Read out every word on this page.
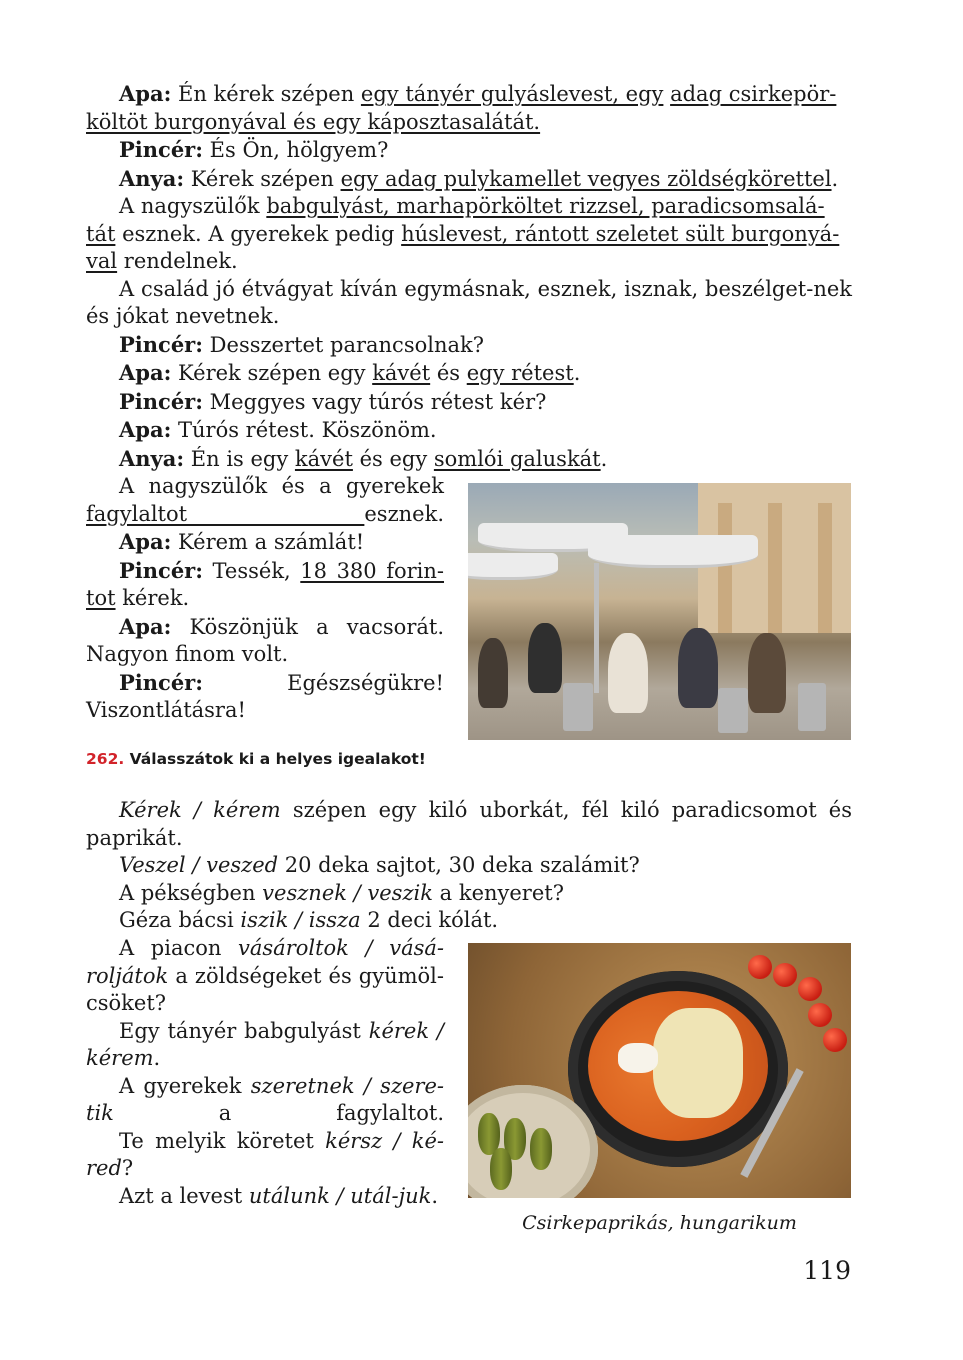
Apa: Én kérek szépen egy tányér gulyáslevest, egy adag csirkepör-
költöt burgonyával és egy káposztasalátát.

Pincér: És Ön, hölgyem?

Anya: Kérek szépen egy adag pulykamellet vegyes zöldségkörettel.

A nagyszülők babgulyást, marhapörköltet rizzsel, paradicsomsalá-
tát esznek. A gyerekek pedig húslevest, rántott szeletet sült burgonyá-
val rendelnek.

A család jó étvágyat kíván egymásnak, esznek, isznak, beszélget-nek és jókat nevetnek.

Pincér: Desszertet parancsolnak?

Apa: Kérek szépen egy kávét és egy rétest.

Pincér: Meggyes vagy túrós rétest kér?

Apa: Túrós rétest. Köszönöm.

Anya: Én is egy kávét és egy somlói galuskát.

A nagyszülők és a gyerekek fagylaltot esznek.

Apa: Kérem a számlát!

Pincér: Tessék, 18 380 forin-tot kérek.

Apa: Köszönjük a vacsorát. Nagyon finom volt.

Pincér: Egészségükre! Viszontlátásra!

262. Válasszátok ki a helyes igealakot!

Kérek / kérem szépen egy kiló uborkát, fél kiló paradicsomot és paprikát.

Veszel / veszed 20 deka sajtot, 30 deka szalámit?

A pékségben vesznek / veszik a kenyeret?

Géza bácsi iszik / issza 2 deci kólát.

A piacon vásároltok / vásá-roljátok a zöldségeket és gyümöl-csöket?

Egy tányér babgulyást kérek / kérem.

A gyerekek szeretnek / szere-tik a fagylaltot.

Te melyik köretet kérsz / ké-red?

Azt a levest utálunk / utál-juk.

Csirkepaprikás, hungarikum
119
